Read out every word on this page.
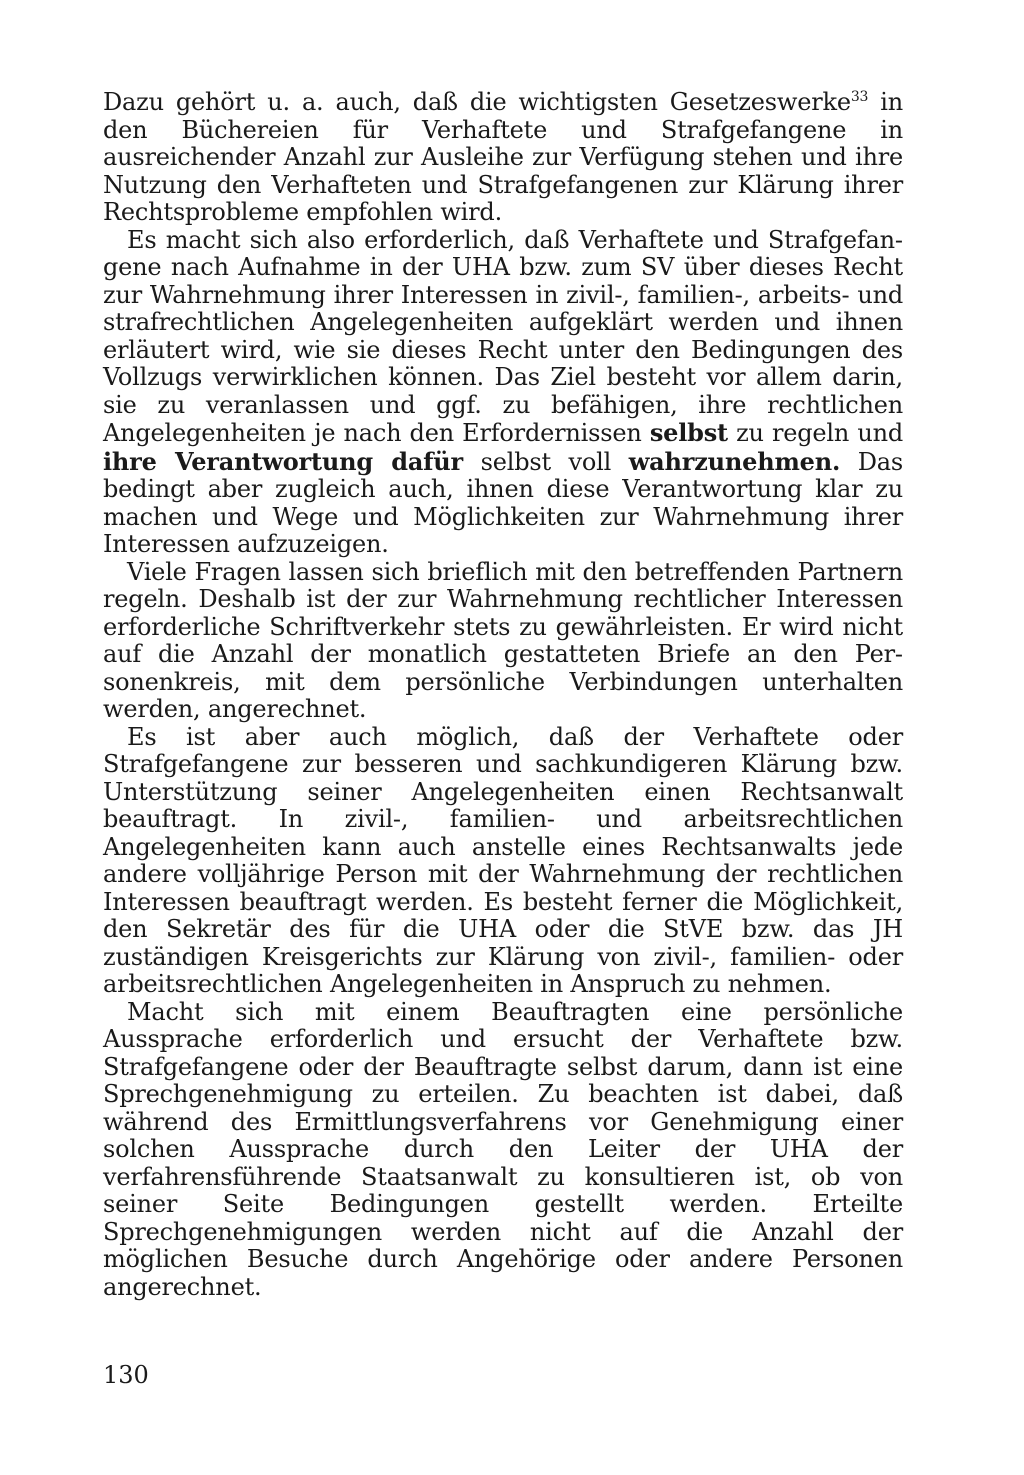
Dazu gehört u. a. auch, daß die wichtigsten Gesetzeswerke$^{33}$ in den Büchereien für Verhaftete und Strafgefangene in ausreichender Anzahl zur Ausleihe zur Verfügung stehen und ihre Nutzung den Verhafteten und Strafgefangenen zur Klärung ihrer Rechtsprobleme empfohlen wird.

Es macht sich also erforderlich, daß Verhaftete und Strafgefangene nach Aufnahme in der UHA bzw. zum SV über dieses Recht zur Wahrnehmung ihrer Interessen in zivil-, familien-, arbeits- und strafrechtlichen Angelegenheiten aufgeklärt werden und ihnen erläutert wird, wie sie dieses Recht unter den Bedingungen des Vollzugs verwirklichen können. Das Ziel besteht vor allem darin, sie zu veranlassen und ggf. zu befähigen, ihre rechtlichen Angelegenheiten je nach den Erfordernissen selbst zu regeln und ihre Verantwortung dafür selbst voll wahrzunehmen. Das bedingt aber zugleich auch, ihnen diese Verantwortung klar zu machen und Wege und Möglichkeiten zur Wahrnehmung ihrer Interessen aufzuzeigen.

Viele Fragen lassen sich brieflich mit den betreffenden Partnern regeln. Deshalb ist der zur Wahrnehmung rechtlicher Interessen erforderliche Schriftverkehr stets zu gewährleisten. Er wird nicht auf die Anzahl der monatlich gestatteten Briefe an den Personenkreis, mit dem persönliche Verbindungen unterhalten werden, angerechnet.

Es ist aber auch möglich, daß der Verhaftete oder Strafgefangene zur besseren und sachkundigeren Klärung bzw. Unterstützung seiner Angelegenheiten einen Rechtsanwalt beauftragt. In zivil-, familien- und arbeitsrechtlichen Angelegenheiten kann auch anstelle eines Rechtsanwalts jede andere volljährige Person mit der Wahrnehmung der rechtlichen Interessen beauftragt werden. Es besteht ferner die Möglichkeit, den Sekretär des für die UHA oder die StVE bzw. das JH zuständigen Kreisgerichts zur Klärung von zivil-, familien- oder arbeitsrechtlichen Angelegenheiten in Anspruch zu nehmen.

Macht sich mit einem Beauftragten eine persönliche Aussprache erforderlich und ersucht der Verhaftete bzw. Strafgefangene oder der Beauftragte selbst darum, dann ist eine Sprechgenehmigung zu erteilen. Zu beachten ist dabei, daß während des Ermittlungsverfahrens vor Genehmigung einer solchen Aussprache durch den Leiter der UHA der verfahrensführende Staatsanwalt zu konsultieren ist, ob von seiner Seite Bedingungen gestellt werden. Erteilte Sprechgenehmigungen werden nicht auf die Anzahl der möglichen Besuche durch Angehörige oder andere Personen angerechnet.

130
